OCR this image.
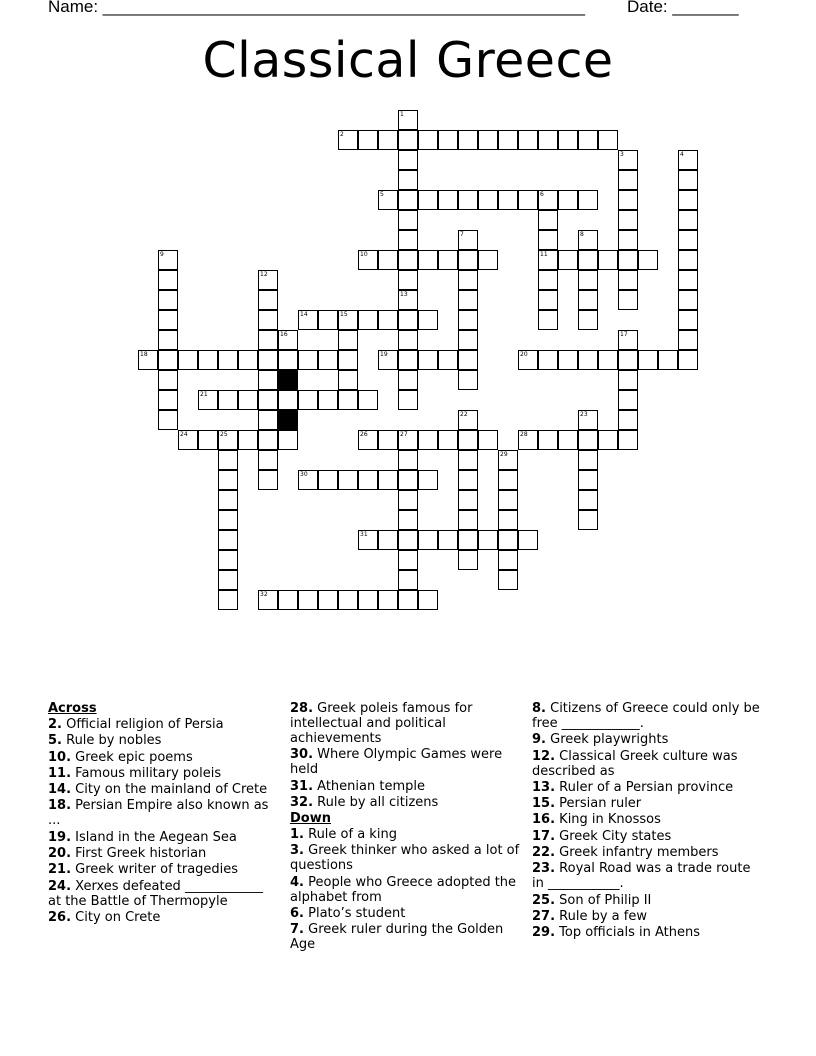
Name: ___________________________________________________ Date: _______
Classical Greece
1
13
2
3	4
5	6
11
7	8
9	10
12
14	15
16	17
18	19	20
21
22	23
24	25	26	27	28
29
30
31
32
Across
2. Official religion of Persia
5. Rule by nobles
10. Greek epic poems
11. Famous military poleis
14. City on the mainland of Crete
18. Persian Empire also known as ...
19. Island in the Aegean Sea
20. First Greek historian
21. Greek writer of tragedies
24. Xerxes defeated ____________ at the Battle of Thermopyle
26. City on Crete
28. Greek poleis famous for intellectual and political achievements
30. Where Olympic Games were held
31. Athenian temple
32. Rule by all citizens
Down
1. Rule of a king
3. Greek thinker who asked a lot of questions
4. People who Greece adopted the alphabet from
6. Plato’s student
7. Greek ruler during the Golden Age
8. Citizens of Greece could only be free ____________.
9. Greek playwrights
12. Classical Greek culture was described as
13. Ruler of a Persian province
15. Persian ruler
16. King in Knossos
17. Greek City states
22. Greek infantry members
23. Royal Road was a trade route in ___________.
25. Son of Philip II
27. Rule by a few
29. Top officials in Athens
